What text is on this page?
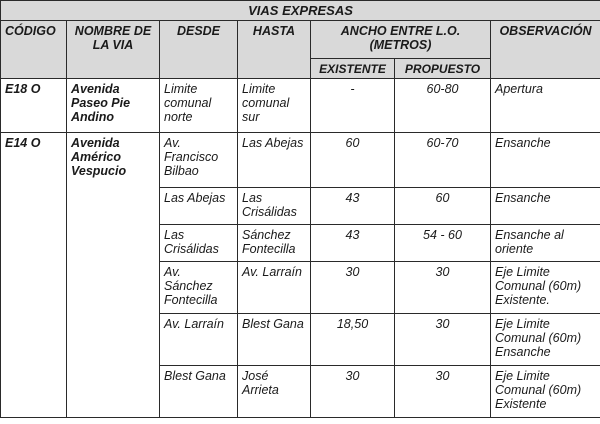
VIAS EXPRESAS						
CÓDIGO	NOMBRE DE LA VIA	DESDE	HASTA	ANCHO ENTRE L.O. (METROS)		OBSERVACIÓN
				EXISTENTE	PROPUESTO	
E18 O	Avenida Paseo Pie Andino	Limite comunal norte	Limite comunal sur	-	60-80	Apertura
E14 O	Avenida Américo Vespucio	Av. Francisco Bilbao	Las Abejas	60	60-70	Ensanche
		Las Abejas	Las Crisálidas	43	60	Ensanche
		Las Crisálidas	Sánchez Fontecilla	43	54 - 60	Ensanche al oriente
		Av. Sánchez Fontecilla	Av. Larraín	30	30	Eje Limite Comunal (60m) Existente.
		Av. Larraín	Blest Gana	18,50	30	Eje Limite Comunal (60m) Ensanche
		Blest Gana	José Arrieta	30	30	Eje Limite Comunal (60m) Existente
